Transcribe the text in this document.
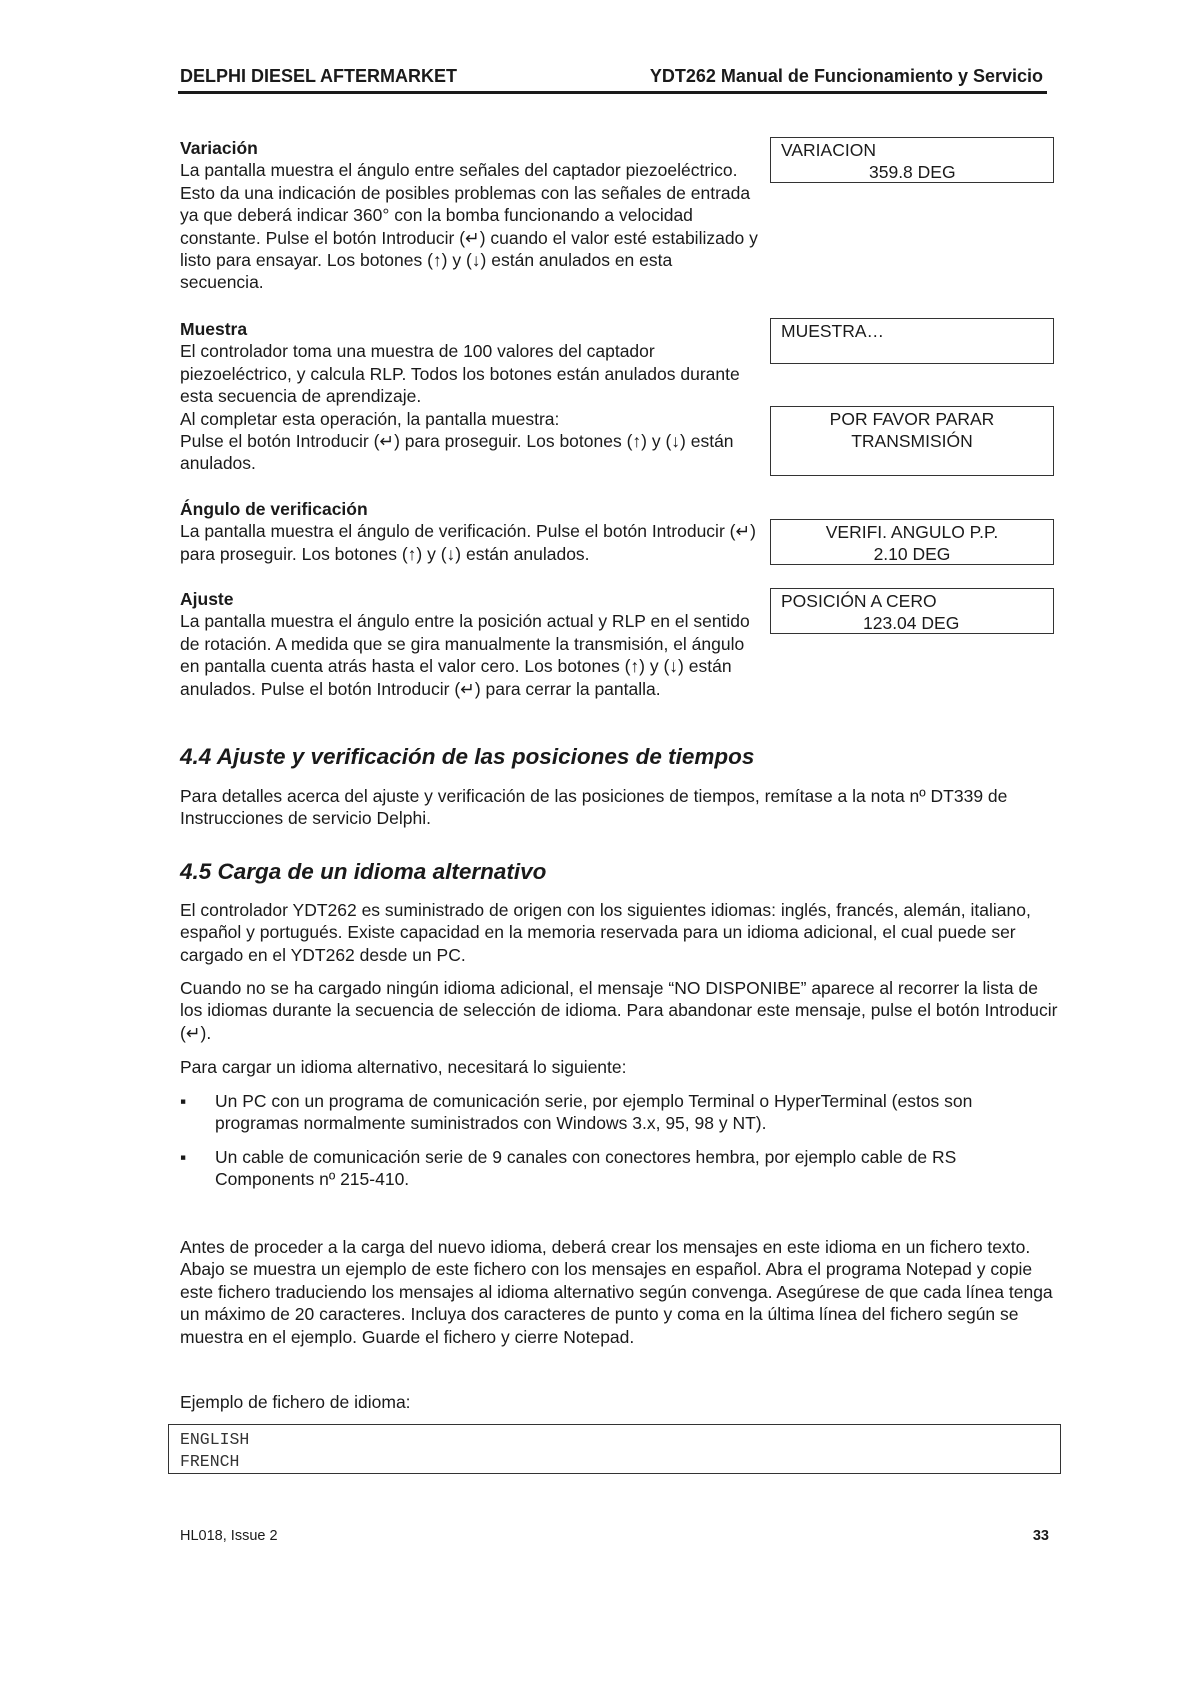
DELPHI DIESEL AFTERMARKET	YDT262 Manual de Funcionamiento y Servicio
Variación

La pantalla muestra el ángulo entre señales del captador piezoeléctrico. Esto da una indicación de posibles problemas con las señales de entrada ya que deberá indicar 360° con la bomba funcionando a velocidad constante. Pulse el botón Introducir (↵) cuando el valor esté estabilizado y listo para ensayar. Los botones (↑) y (↓) están anulados en esta secuencia.

VARIACION
359.8 DEG
Muestra

El controlador toma una muestra de 100 valores del captador piezoeléctrico, y calcula RLP. Todos los botones están anulados durante esta secuencia de aprendizaje.

Al completar esta operación, la pantalla muestra:

Pulse el botón Introducir (↵) para proseguir. Los botones (↑) y (↓) están anulados.

MUESTRA…
POR FAVOR PARAR
TRANSMISIÓN
Ángulo de verificación

La pantalla muestra el ángulo de verificación. Pulse el botón Introducir (↵) para proseguir. Los botones (↑) y (↓) están anulados.

VERIFI. ANGULO P.P.
2.10 DEG
Ajuste

La pantalla muestra el ángulo entre la posición actual y RLP en el sentido de rotación. A medida que se gira manualmente la transmisión, el ángulo en pantalla cuenta atrás hasta el valor cero. Los botones (↑) y (↓) están anulados. Pulse el botón Introducir (↵) para cerrar la pantalla.

POSICIÓN A CERO
123.04 DEG
4.4 Ajuste y verificación de las posiciones de tiempos

Para detalles acerca del ajuste y verificación de las posiciones de tiempos, remítase a la nota nº DT339 de Instrucciones de servicio Delphi.

4.5 Carga de un idioma alternativo

El controlador YDT262 es suministrado de origen con los siguientes idiomas: inglés, francés, alemán, italiano, español y portugués. Existe capacidad en la memoria reservada para un idioma adicional, el cual puede ser cargado en el YDT262 desde un PC.

Cuando no se ha cargado ningún idioma adicional, el mensaje “NO DISPONIBE” aparece al recorrer la lista de los idiomas durante la secuencia de selección de idioma. Para abandonar este mensaje, pulse el botón Introducir (↵).

Para cargar un idioma alternativo, necesitará lo siguiente:

▪ Un PC con un programa de comunicación serie, por ejemplo Terminal o HyperTerminal (estos son programas normalmente suministrados con Windows 3.x, 95, 98 y NT).
▪ Un cable de comunicación serie de 9 canales con conectores hembra, por ejemplo cable de RS Components nº 215-410.

Antes de proceder a la carga del nuevo idioma, deberá crear los mensajes en este idioma en un fichero texto. Abajo se muestra un ejemplo de este fichero con los mensajes en español. Abra el programa Notepad y copie este fichero traduciendo los mensajes al idioma alternativo según convenga. Asegúrese de que cada línea tenga un máximo de 20 caracteres. Incluya dos caracteres de punto y coma en la última línea del fichero según se muestra en el ejemplo. Guarde el fichero y cierre Notepad.

Ejemplo de fichero de idioma:

ENGLISH
FRENCH
HL018, Issue 2	33
